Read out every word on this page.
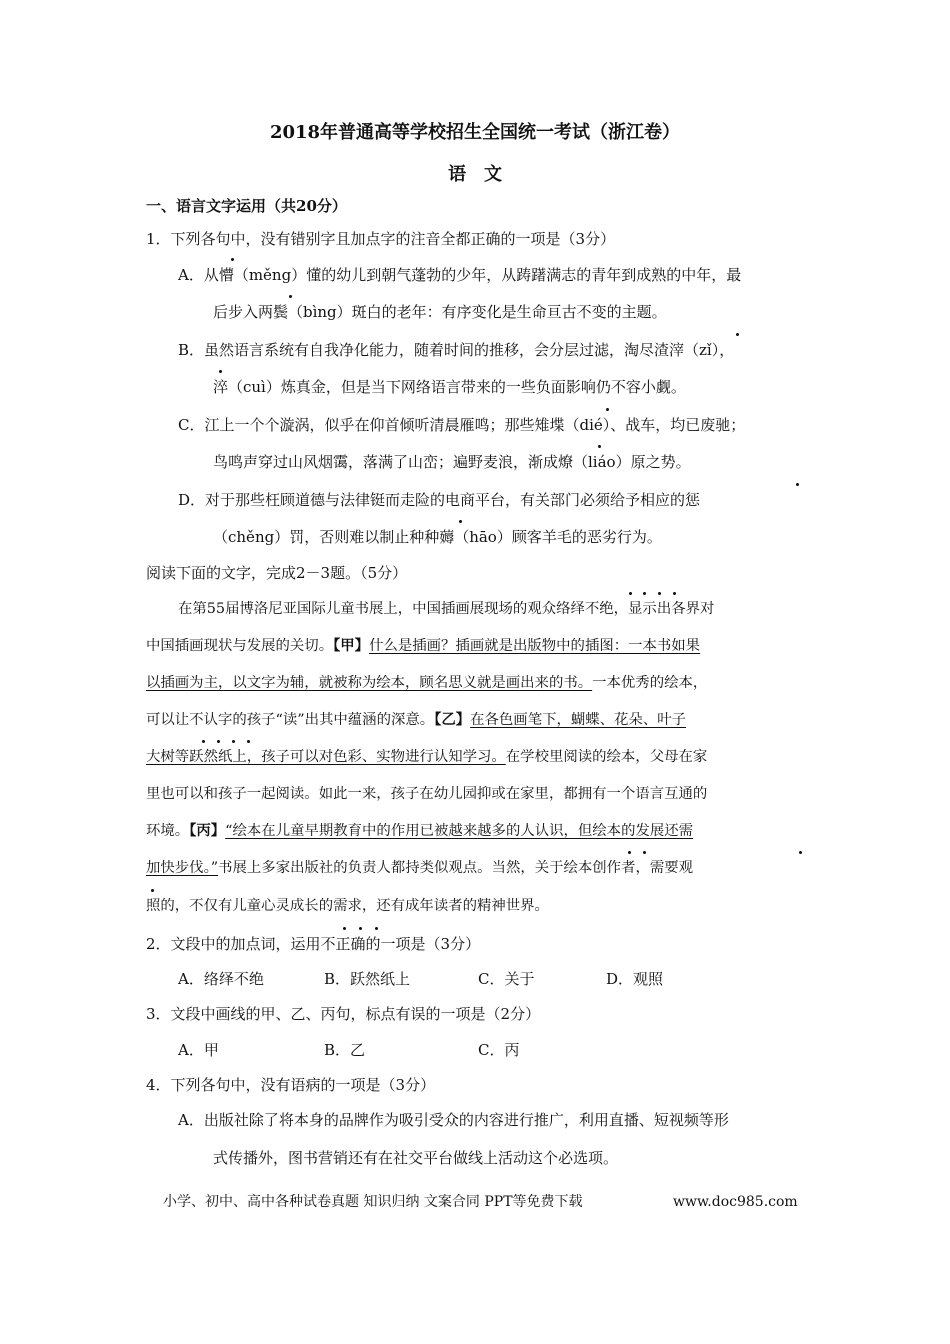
2018年普通高等学校招生全国统一考试（浙江卷）
语　文
一、语言文字运用（共20分）
1．下列各句中，没有错别字且加点字的注音全都正确的一项是（3分）
A．从懵（měng）懂的幼儿到朝气蓬勃的少年，从踌躇满志的青年到成熟的中年，最
后步入两鬓（bìng）斑白的老年：有序变化是生命亘古不变的主题。
B．虽然语言系统有自我净化能力，随着时间的推移，会分层过滤，淘尽渣滓（zǐ），
淬（cuì）炼真金，但是当下网络语言带来的一些负面影响仍不容小觑。
C．江上一个个漩涡，似乎在仰首倾听清晨雁鸣；那些雉堞（dié）、战车，均已废驰；
鸟鸣声穿过山风烟霭，落满了山峦；遍野麦浪，渐成燎（liáo）原之势。
D．对于那些枉顾道德与法律铤而走险的电商平台，有关部门必须给予相应的惩
（chěng）罚，否则难以制止种种薅（hāo）顾客羊毛的恶劣行为。
阅读下面的文字，完成2－3题。（5分）
在第55届博洛尼亚国际儿童书展上，中国插画展现场的观众络绎不绝，显示出各界对
中国插画现状与发展的关切。【甲】什么是插画？插画就是出版物中的插图：一本书如果
以插画为主，以文字为辅，就被称为绘本，顾名思义就是画出来的书。一本优秀的绘本，
可以让不认字的孩子“读”出其中蕴涵的深意。【乙】在各色画笔下，蝴蝶、花朵、叶子
大树等跃然纸上，孩子可以对色彩、实物进行认知学习。在学校里阅读的绘本，父母在家
里也可以和孩子一起阅读。如此一来，孩子在幼儿园抑或在家里，都拥有一个语言互通的
环境。【丙】“绘本在儿童早期教育中的作用已被越来越多的人认识，但绘本的发展还需
加快步伐。”书展上多家出版社的负责人都持类似观点。当然，关于绘本创作者，需要观
照的，不仅有儿童心灵成长的需求，还有成年读者的精神世界。
2．文段中的加点词，运用不正确的一项是（3分）
A．络绎不绝	B．跃然纸上	C．关于	D．观照
3．文段中画线的甲、乙、丙句，标点有误的一项是（2分）
A．甲	B．乙	C．丙
4．下列各句中，没有语病的一项是（3分）
A．出版社除了将本身的品牌作为吸引受众的内容进行推广，利用直播、短视频等形
式传播外，图书营销还有在社交平台做线上活动这个必选项。
小学、初中、高中各种试卷真题 知识归纳 文案合同 PPT等免费下载	www.doc985.com
